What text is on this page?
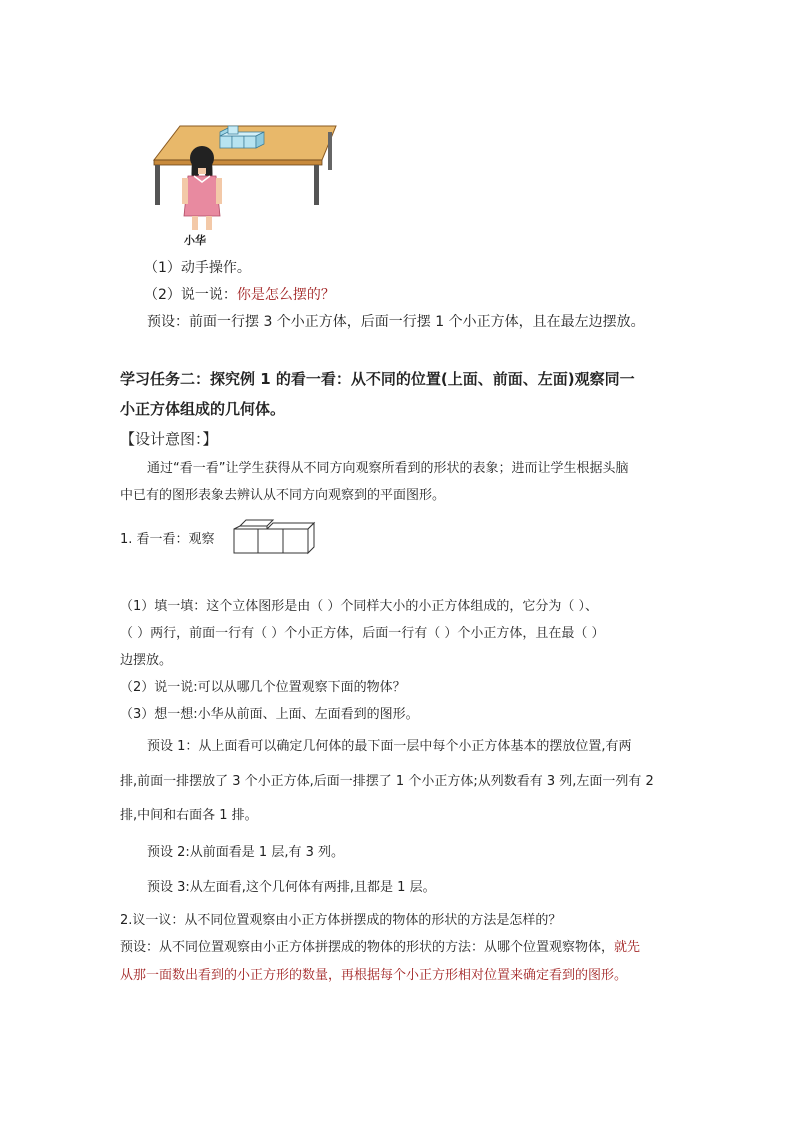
小华
（1）动手操作。
（2）说一说：你是怎么摆的？
预设：前面一行摆 3 个小正方体，后面一行摆 1 个小正方体，且在最左边摆放。
学习任务二：探究例 1 的看一看：从不同的位置(上面、前面、左面)观察同一
小正方体组成的几何体。
【设计意图：】
通过“看一看”让学生获得从不同方向观察所看到的形状的表象；进而让学生根据头脑
中已有的图形表象去辨认从不同方向观察到的平面图形。
1. 看一看：观察
（1）填一填：这个立体图形是由（ ）个同样大小的小正方体组成的，它分为（ ）、
（ ）两行，前面一行有（ ）个小正方体，后面一行有（ ）个小正方体，且在最（ ）
边摆放。
（2）说一说:可以从哪几个位置观察下面的物体？
（3）想一想:小华从前面、上面、左面看到的图形。
预设 1：从上面看可以确定几何体的最下面一层中每个小正方体基本的摆放位置,有两
排,前面一排摆放了 3 个小正方体,后面一排摆了 1 个小正方体;从列数看有 3 列,左面一列有 2
排,中间和右面各 1 排。
预设 2:从前面看是 1 层,有 3 列。
预设 3:从左面看,这个几何体有两排,且都是 1 层。
2.议一议：从不同位置观察由小正方体拼摆成的物体的形状的方法是怎样的？
预设：从不同位置观察由小正方体拼摆成的物体的形状的方法：从哪个位置观察物体，就先
从那一面数出看到的小正方形的数量，再根据每个小正方形相对位置来确定看到的图形。
